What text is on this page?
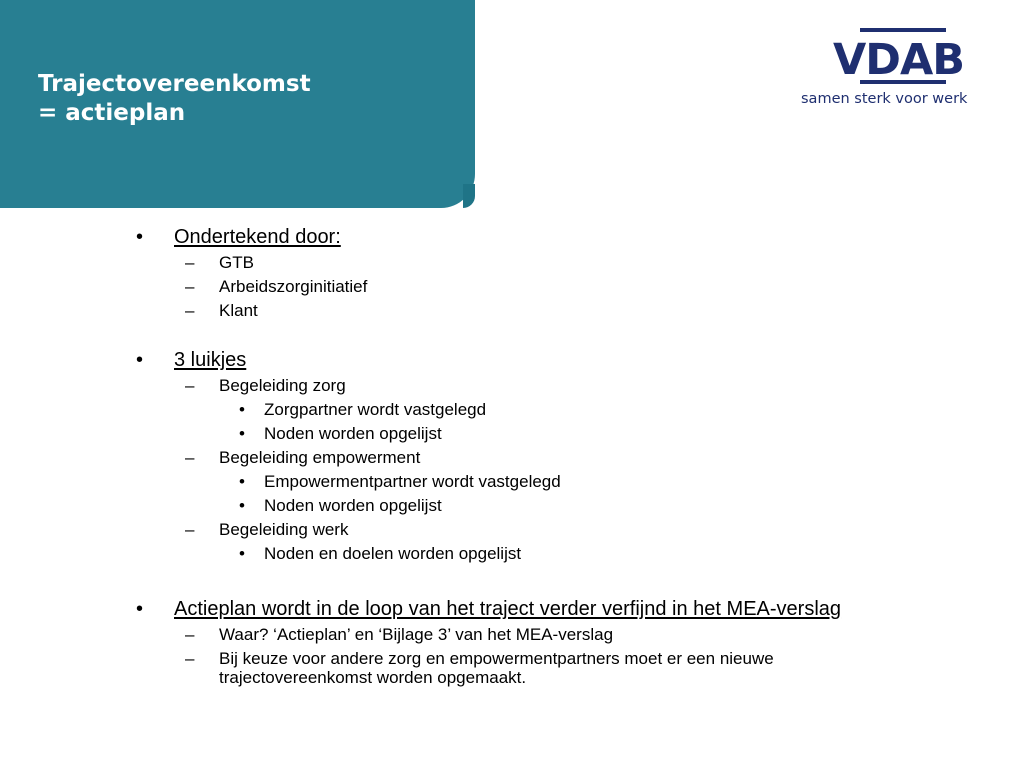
Trajectovereenkomst
= actieplan
VDAB
samen sterk voor werk
• Ondertekend door:
– GTB
– Arbeidszorginitiatief
– Klant
• 3 luikjes
– Begeleiding zorg
• Zorgpartner wordt vastgelegd
• Noden worden opgelijst
– Begeleiding empowerment
• Empowermentpartner wordt vastgelegd
• Noden worden opgelijst
– Begeleiding werk
• Noden en doelen worden opgelijst
• Actieplan wordt in de loop van het traject verder verfijnd in het MEA-verslag
– Waar? ‘Actieplan’ en ‘Bijlage 3’ van het MEA-verslag
– Bij keuze voor andere zorg en empowermentpartners moet er een nieuwe
trajectovereenkomst worden opgemaakt.
